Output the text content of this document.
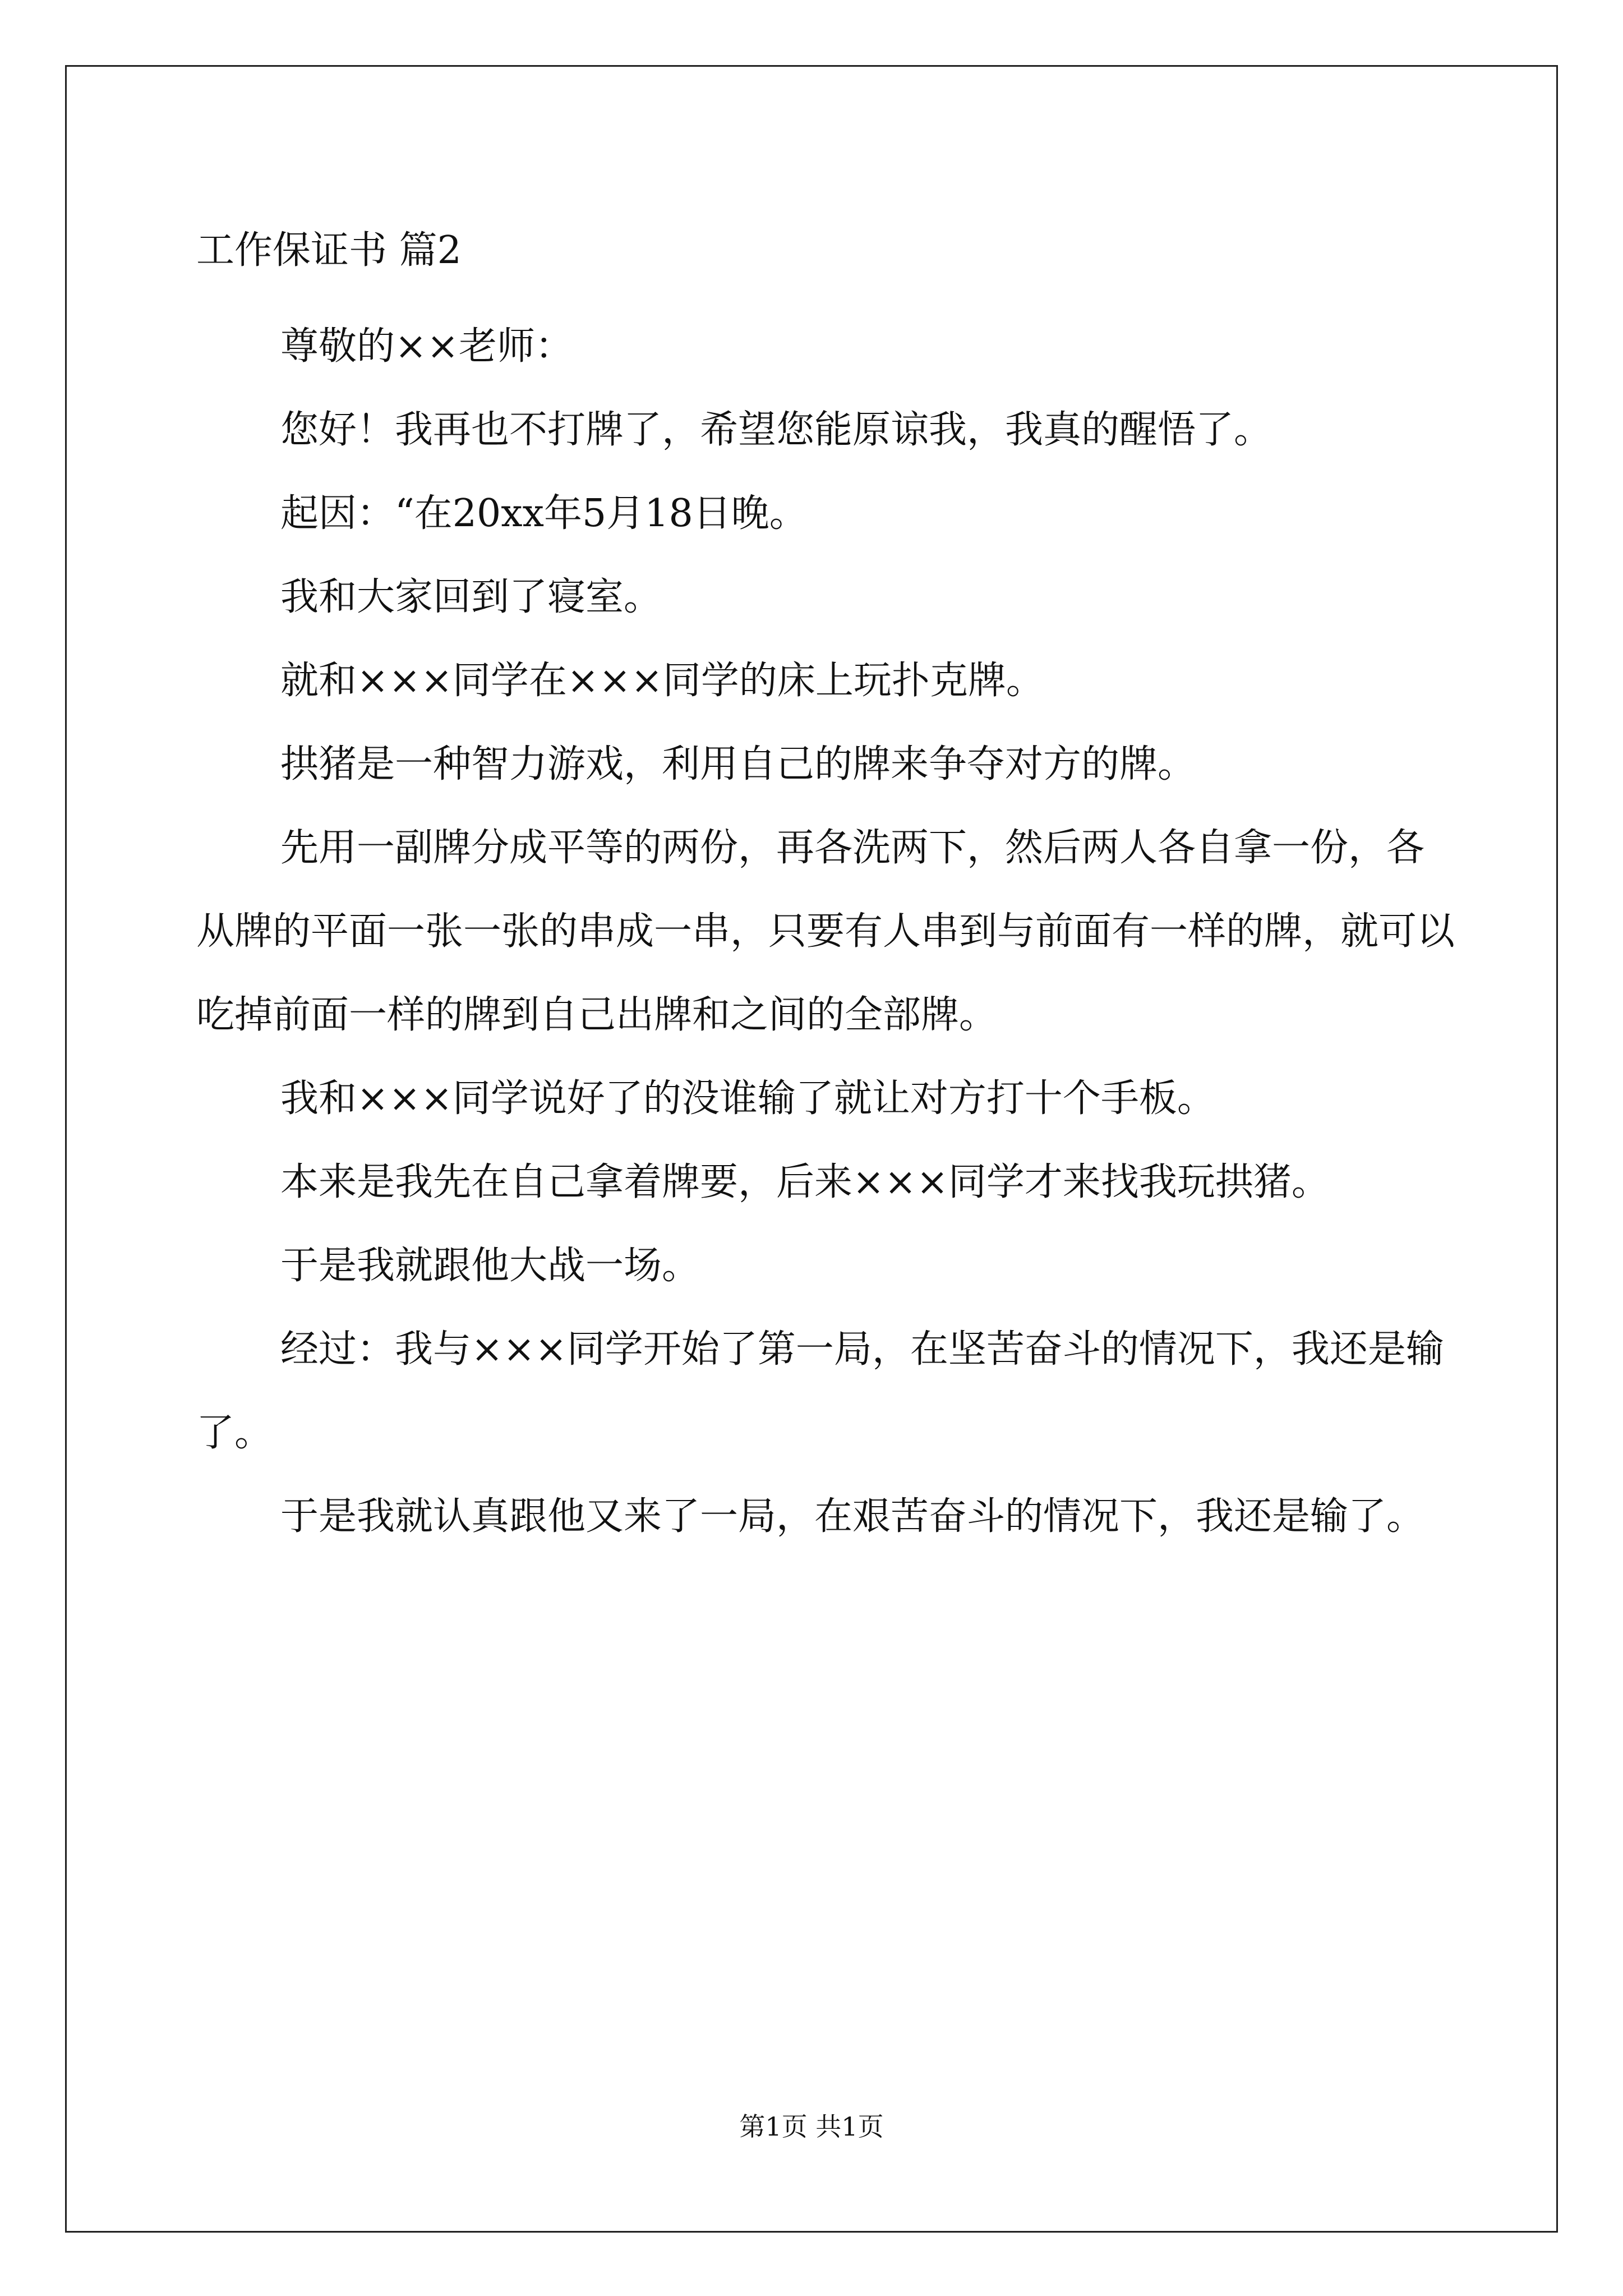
工作保证书 篇2

尊敬的××老师：

您好！我再也不打牌了，希望您能原谅我，我真的醒悟了。

起因：“在20xx年5月18日晚。

我和大家回到了寝室。

就和×××同学在×××同学的床上玩扑克牌。

拱猪是一种智力游戏，利用自己的牌来争夺对方的牌。

先用一副牌分成平等的两份，再各洗两下，然后两人各自拿一份，各从牌的平面一张一张的串成一串，只要有人串到与前面有一样的牌，就可以吃掉前面一样的牌到自己出牌和之间的全部牌。

我和×××同学说好了的没谁输了就让对方打十个手板。

本来是我先在自己拿着牌要，后来×××同学才来找我玩拱猪。

于是我就跟他大战一场。

经过：我与×××同学开始了第一局，在坚苦奋斗的情况下，我还是输了。

于是我就认真跟他又来了一局，在艰苦奋斗的情况下，我还是输了。

第1页 共1页
